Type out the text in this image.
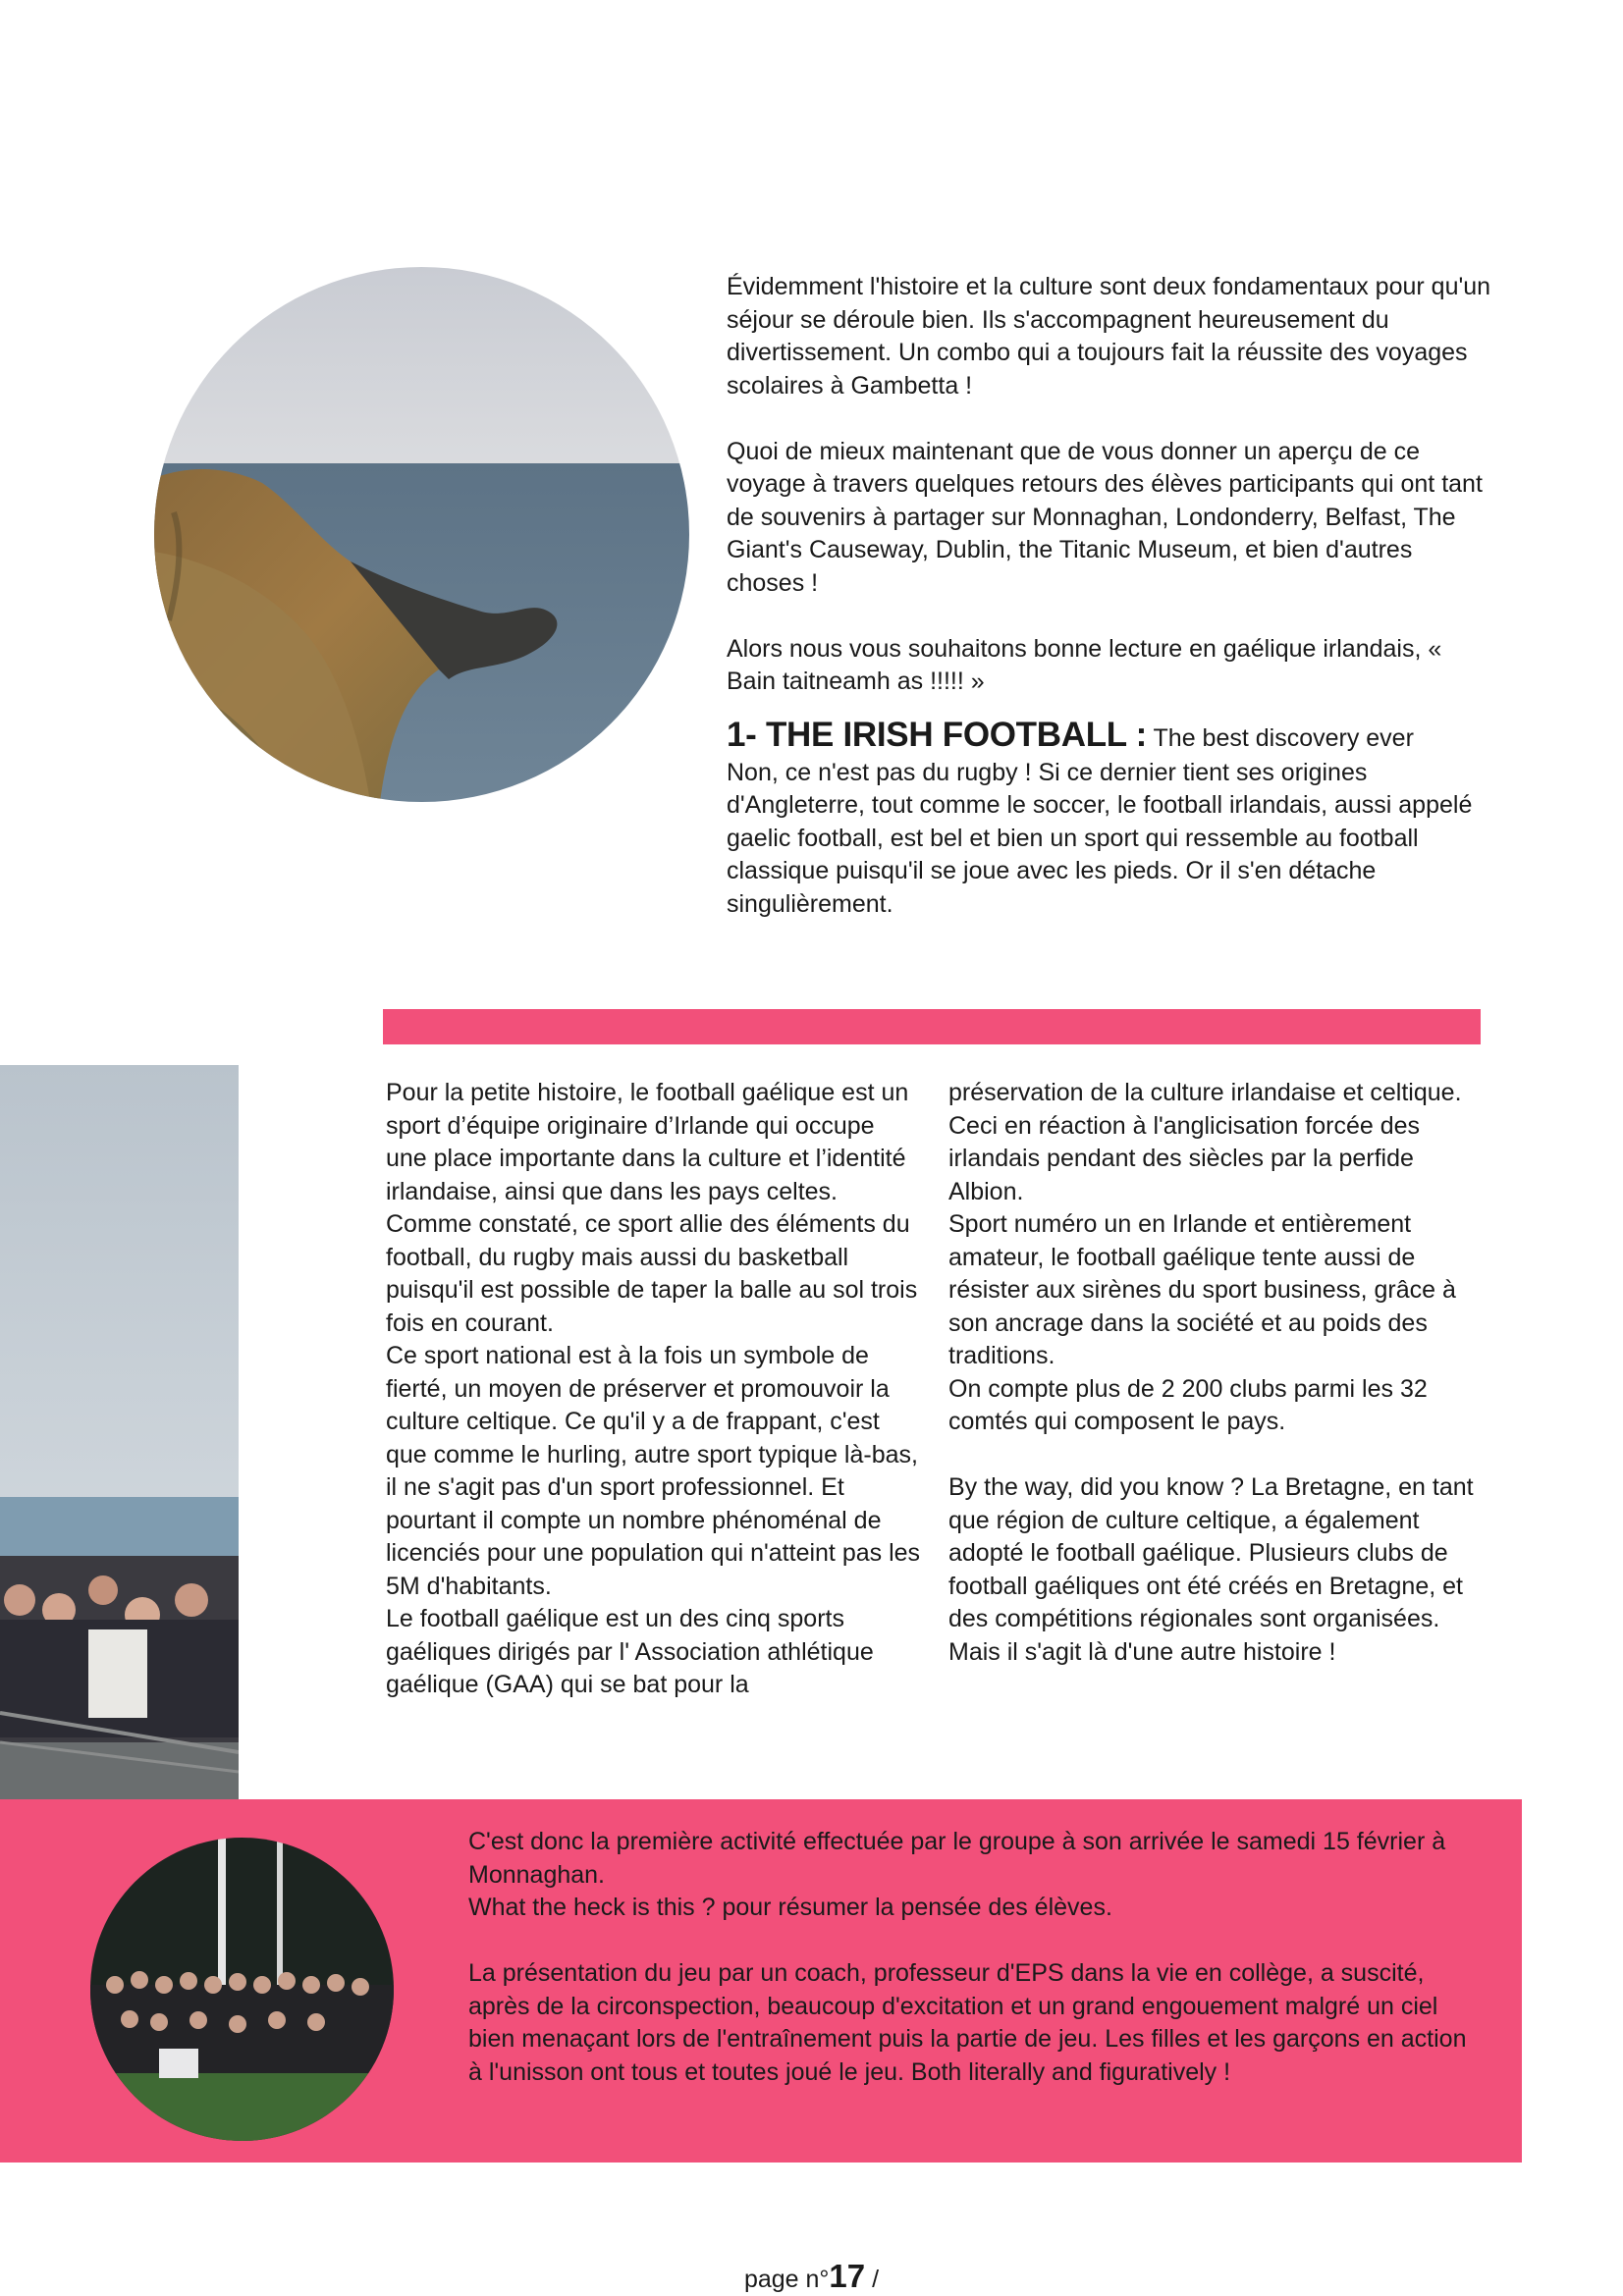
Évidemment l'histoire et la culture sont deux fondamentaux pour qu'un séjour se déroule bien. Ils s'accompagnent heureusement du divertissement. Un combo qui a toujours fait la réussite des voyages scolaires à Gambetta !
Quoi de mieux maintenant que de vous donner un aperçu de ce voyage à travers quelques retours des élèves participants qui ont tant de souvenirs à partager sur Monnaghan, Londonderry, Belfast, The Giant's Causeway, Dublin, the Titanic Museum, et bien d'autres choses !
Alors nous vous souhaitons bonne lecture en gaélique irlandais, « Bain taitneamh as !!!!! »
1- THE IRISH FOOTBALL : The best discovery ever
Non, ce n'est pas du rugby ! Si ce dernier tient ses origines d'Angleterre, tout comme le soccer, le football irlandais, aussi appelé gaelic football, est bel et bien un sport qui ressemble au football classique puisqu'il se joue avec les pieds. Or il s'en détache singulièrement.
Pour la petite histoire, le football gaélique est un sport d’équipe originaire d’Irlande qui occupe une place importante dans la culture et l’identité irlandaise, ainsi que dans les pays celtes. Comme constaté, ce sport allie des éléments du football, du rugby mais aussi du basketball puisqu'il est possible de taper la balle au sol trois fois en courant.
Ce sport national est à la fois un symbole de fierté, un moyen de préserver et promouvoir la culture celtique. Ce qu'il y a de frappant, c'est que comme le hurling, autre sport typique là-bas, il ne s'agit pas d'un sport professionnel. Et pourtant il compte un nombre phénoménal de licenciés pour une population qui n'atteint pas les 5M d'habitants.
Le football gaélique est un des cinq sports gaéliques dirigés par l' Association athlétique gaélique (GAA) qui se bat pour la
préservation de la culture irlandaise et celtique. Ceci en réaction à l'anglicisation forcée des irlandais pendant des siècles par la perfide Albion.
Sport numéro un en Irlande et entièrement amateur, le football gaélique tente aussi de résister aux sirènes du sport business, grâce à son ancrage dans la société et au poids des traditions.
On compte plus de 2 200 clubs parmi les 32 comtés qui composent le pays.
By the way, did you know ? La Bretagne, en tant que région de culture celtique, a également adopté le football gaélique. Plusieurs clubs de football gaéliques ont été créés en Bretagne, et des compétitions régionales sont organisées. Mais il s'agit là d'une autre histoire !
C'est donc la première activité effectuée par le groupe à son arrivée le samedi 15 février à Monnaghan.
What the heck is this ? pour résumer la pensée des élèves.
La présentation du jeu par un coach, professeur d'EPS dans la vie en collège, a suscité, après de la circonspection, beaucoup d'excitation et un grand engouement malgré un ciel bien menaçant lors de l'entraînement puis la partie de jeu. Les filles et les garçons en action à l'unisson ont tous et toutes joué le jeu. Both literally and figuratively !
page n°17 /
